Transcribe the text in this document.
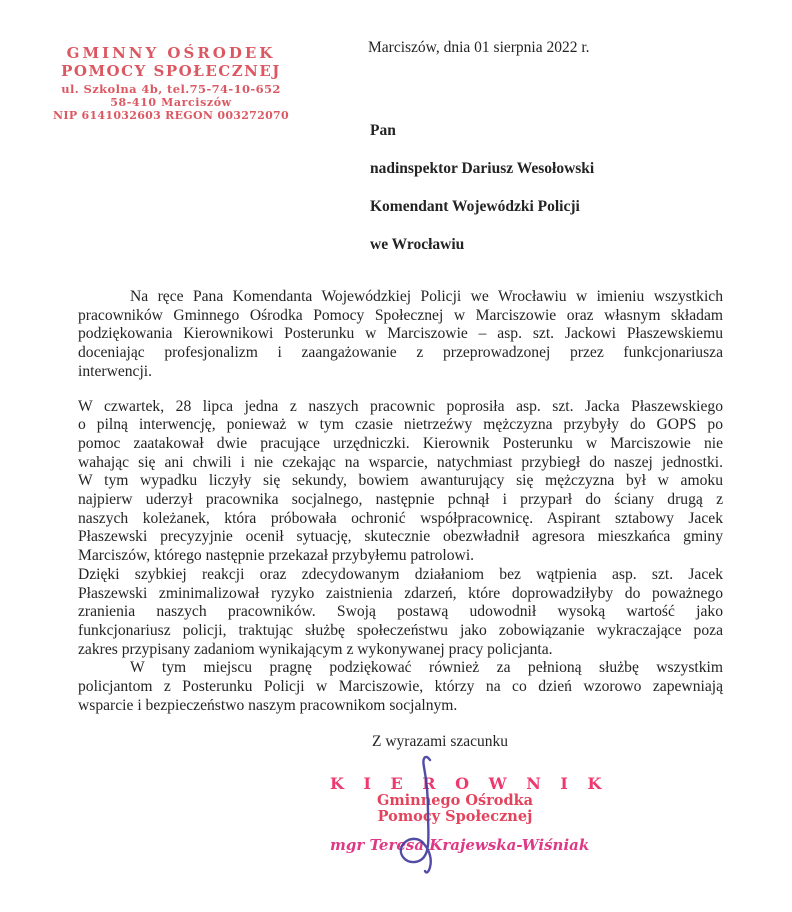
GMINNY OŚRODEK
POMOCY SPOŁECZNEJ
ul. Szkolna 4b, tel.75-74-10-652
58-410 Marciszów
NIP 6141032603 REGON 003272070
Marciszów, dnia 01 sierpnia 2022 r.
Pan
nadinspektor Dariusz Wesołowski
Komendant Wojewódzki Policji
we Wrocławiu
Na ręce Pana Komendanta Wojewódzkiej Policji we Wrocławiu w imieniu wszystkich
pracowników Gminnego Ośrodka Pomocy Społecznej w Marciszowie oraz własnym składam
podziękowania Kierownikowi Posterunku w Marciszowie – asp. szt. Jackowi Płaszewskiemu
doceniając profesjonalizm i zaangażowanie z przeprowadzonej przez funkcjonariusza
interwencji.
W czwartek, 28 lipca jedna z naszych pracownic poprosiła asp. szt. Jacka Płaszewskiego
o pilną interwencję, ponieważ w tym czasie nietrzeźwy mężczyzna przybyły do GOPS po
pomoc zaatakował dwie pracujące urzędniczki. Kierownik Posterunku w Marciszowie nie
wahając się ani chwili i nie czekając na wsparcie, natychmiast przybiegł do naszej jednostki.
W tym wypadku liczyły się sekundy, bowiem awanturujący się mężczyzna był w amoku
najpierw uderzył pracownika socjalnego, następnie pchnął i przyparł do ściany drugą z
naszych koleżanek, która próbowała ochronić współpracownicę. Aspirant sztabowy Jacek
Płaszewski precyzyjnie ocenił sytuację, skutecznie obezwładnił agresora mieszkańca gminy
Marciszów, którego następnie przekazał przybyłemu patrolowi.
Dzięki szybkiej reakcji oraz zdecydowanym działaniom bez wątpienia asp. szt. Jacek
Płaszewski zminimalizował ryzyko zaistnienia zdarzeń, które doprowadziłyby do poważnego
zranienia naszych pracowników. Swoją postawą udowodnił wysoką wartość jako
funkcjonariusz policji, traktując służbę społeczeństwu jako zobowiązanie wykraczające poza
zakres przypisany zadaniom wynikającym z wykonywanej pracy policjanta.
W tym miejscu pragnę podziękować również za pełnioną służbę wszystkim
policjantom z Posterunku Policji w Marciszowie, którzy na co dzień wzorowo zapewniają
wsparcie i bezpieczeństwo naszym pracownikom socjalnym.
Z wyrazami szacunku
K I E R O W N I K
Gminnego Ośrodka
Pomocy Społecznej
mgr Teresa Krajewska-Wiśniak
